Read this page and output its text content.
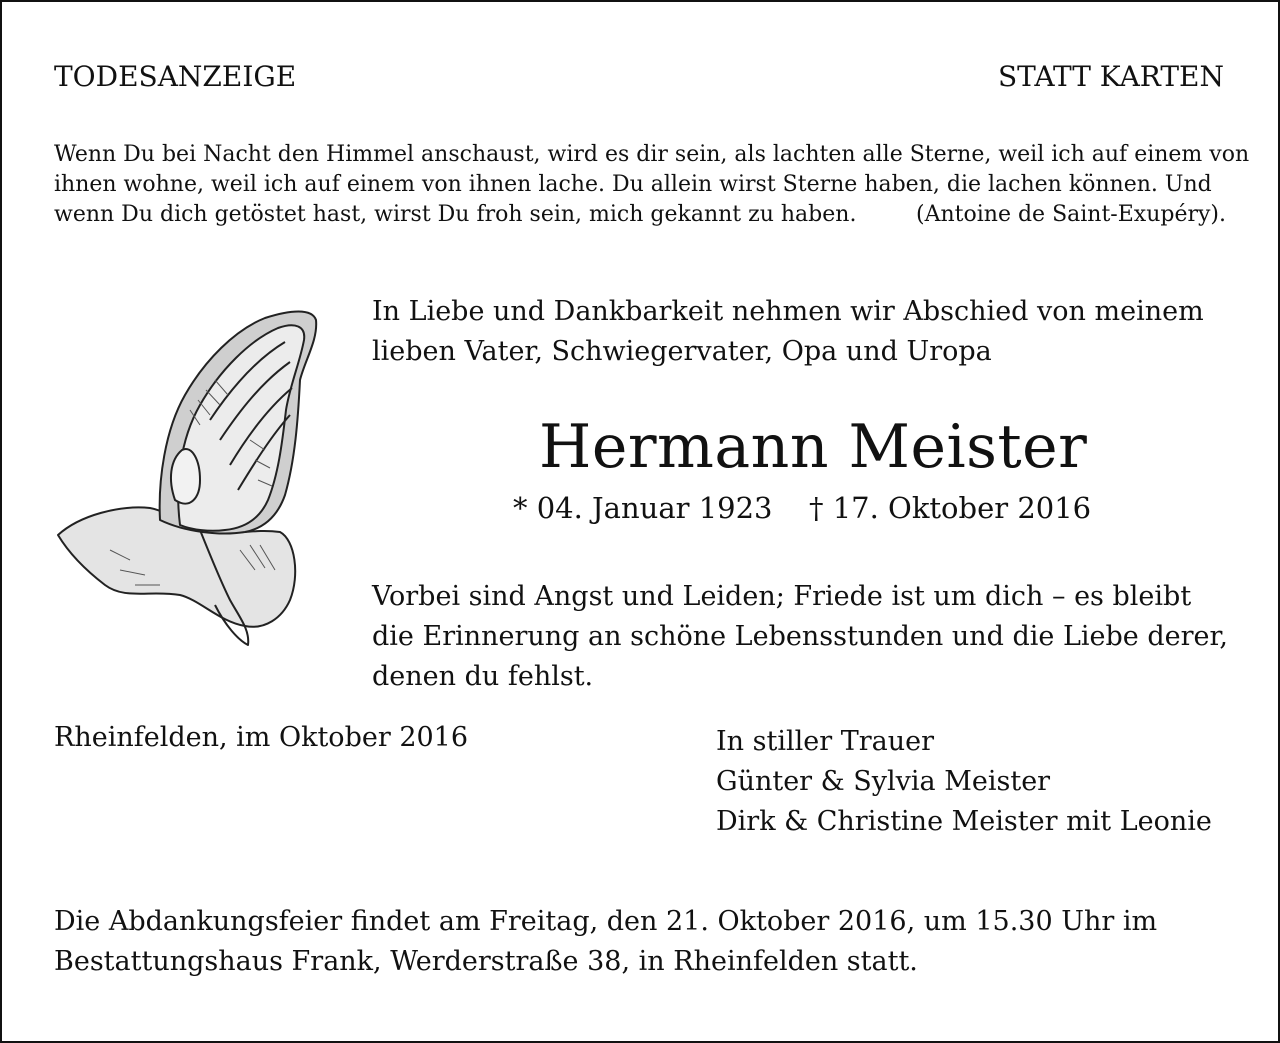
TODESANZEIGE	STATT KARTEN
Wenn Du bei Nacht den Himmel anschaust, wird es dir sein, als lachten alle Sterne, weil ich auf einem von
ihnen wohne, weil ich auf einem von ihnen lache. Du allein wirst Sterne haben, die lachen können. Und
wenn Du dich getöstet hast, wirst Du froh sein, mich gekannt zu haben.	(Antoine de Saint-Exupéry).
In Liebe und Dankbarkeit nehmen wir Abschied von meinem
lieben Vater, Schwiegervater, Opa und Uropa
Hermann Meister
* 04. Januar 1923 † 17. Oktober 2016
Vorbei sind Angst und Leiden; Friede ist um dich – es bleibt
die Erinnerung an schöne Lebensstunden und die Liebe derer,
denen du fehlst.
Rheinfelden, im Oktober 2016	In stiller Trauer
Günter & Sylvia Meister
Dirk & Christine Meister mit Leonie
Die Abdankungsfeier findet am Freitag, den 21. Oktober 2016, um 15.30 Uhr im
Bestattungshaus Frank, Werderstraße 38, in Rheinfelden statt.
